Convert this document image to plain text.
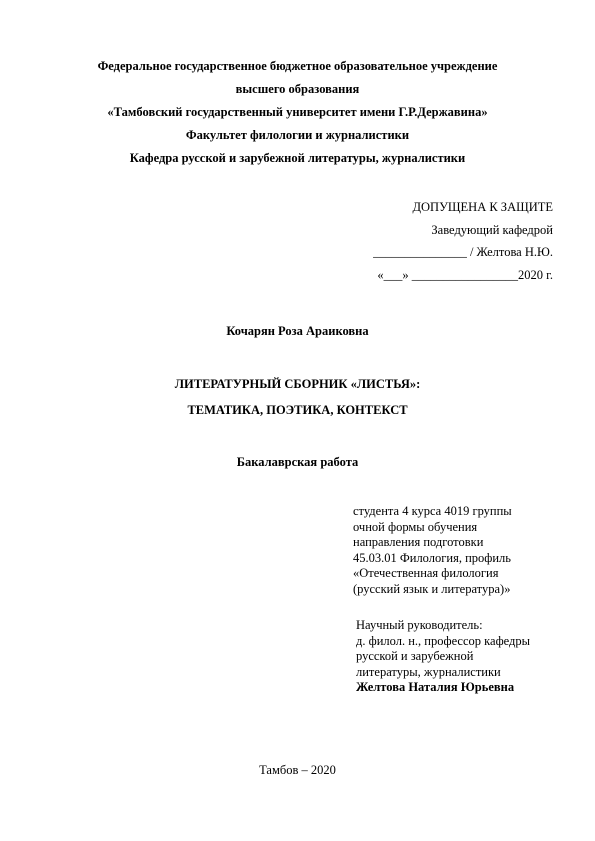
Федеральное государственное бюджетное образовательное учреждение
высшего образования
«Тамбовский государственный университет имени Г.Р.Державина»
Факультет филологии и журналистики
Кафедра русской и зарубежной литературы, журналистики
ДОПУЩЕНА К ЗАЩИТЕ
Заведующий кафедрой
_______________ / Желтова Н.Ю.
«___» _________________2020 г.
Кочарян Роза Араиковна
ЛИТЕРАТУРНЫЙ СБОРНИК «ЛИСТЬЯ»:
ТЕМАТИКА, ПОЭТИКА, КОНТЕКСТ
Бакалаврская работа
студента 4 курса 4019 группы
очной формы обучения
направления подготовки
45.03.01 Филология, профиль
«Отечественная филология
(русский язык и литература)»
Научный руководитель:
д. филол. н., профессор кафедры
русской и зарубежной
литературы, журналистики
Желтова Наталия Юрьевна
Тамбов – 2020
